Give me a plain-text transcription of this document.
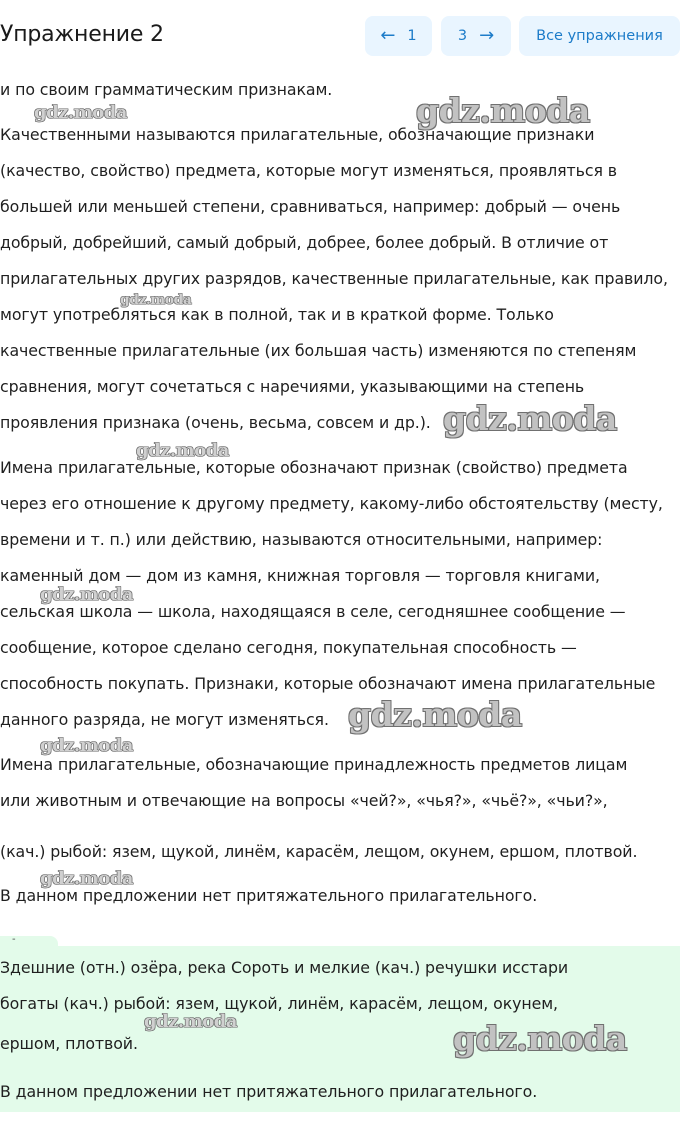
Упражнение 2	← 1	3 →	Все упражнения
и по своим грамматическим признакам.
Качественными называются прилагательные, обозначающие признаки
(качество, свойство) предмета, которые могут изменяться, проявляться в
большей или меньшей степени, сравниваться, например: добрый — очень
добрый, добрейший, самый добрый, добрее, более добрый. В отличие от
прилагательных других разрядов, качественные прилагательные, как правило,
могут употребляться как в полной, так и в краткой форме. Только
качественные прилагательные (их большая часть) изменяются по степеням
сравнения, могут сочетаться с наречиями, указывающими на степень
проявления признака (очень, весьма, совсем и др.).
Имена прилагательные, которые обозначают признак (свойство) предмета
через его отношение к другому предмету, какому-либо обстоятельству (месту,
времени и т. п.) или действию, называются относительными, например:
каменный дом — дом из камня, книжная торговля — торговля книгами,
сельская школа — школа, находящаяся в селе, сегодняшнее сообщение —
сообщение, которое сделано сегодня, покупательная способность —
способность покупать. Признаки, которые обозначают имена прилагательные
данного разряда, не могут изменяться.
Имена прилагательные, обозначающие принадлежность предметов лицам
или животным и отвечающие на вопросы «чей?», «чья?», «чьё?», «чьи?»,
(кач.) рыбой: язем, щукой, линём, карасём, лещом, окунем, ершом, плотвой.
В данном предложении нет притяжательного прилагательного.
-
Здешние (отн.) озёра, река Сороть и мелкие (кач.) речушки исстари
богаты (кач.) рыбой: язем, щукой, линём, карасём, лещом, окунем,
ершом, плотвой.
В данном предложении нет притяжательного прилагательного.
gdz.moda	gdz.moda
gdz.moda
gdz.moda
gdz.moda
gdz.moda
gdz.moda
gdz.moda
gdz.moda
gdz.moda	gdz.moda
